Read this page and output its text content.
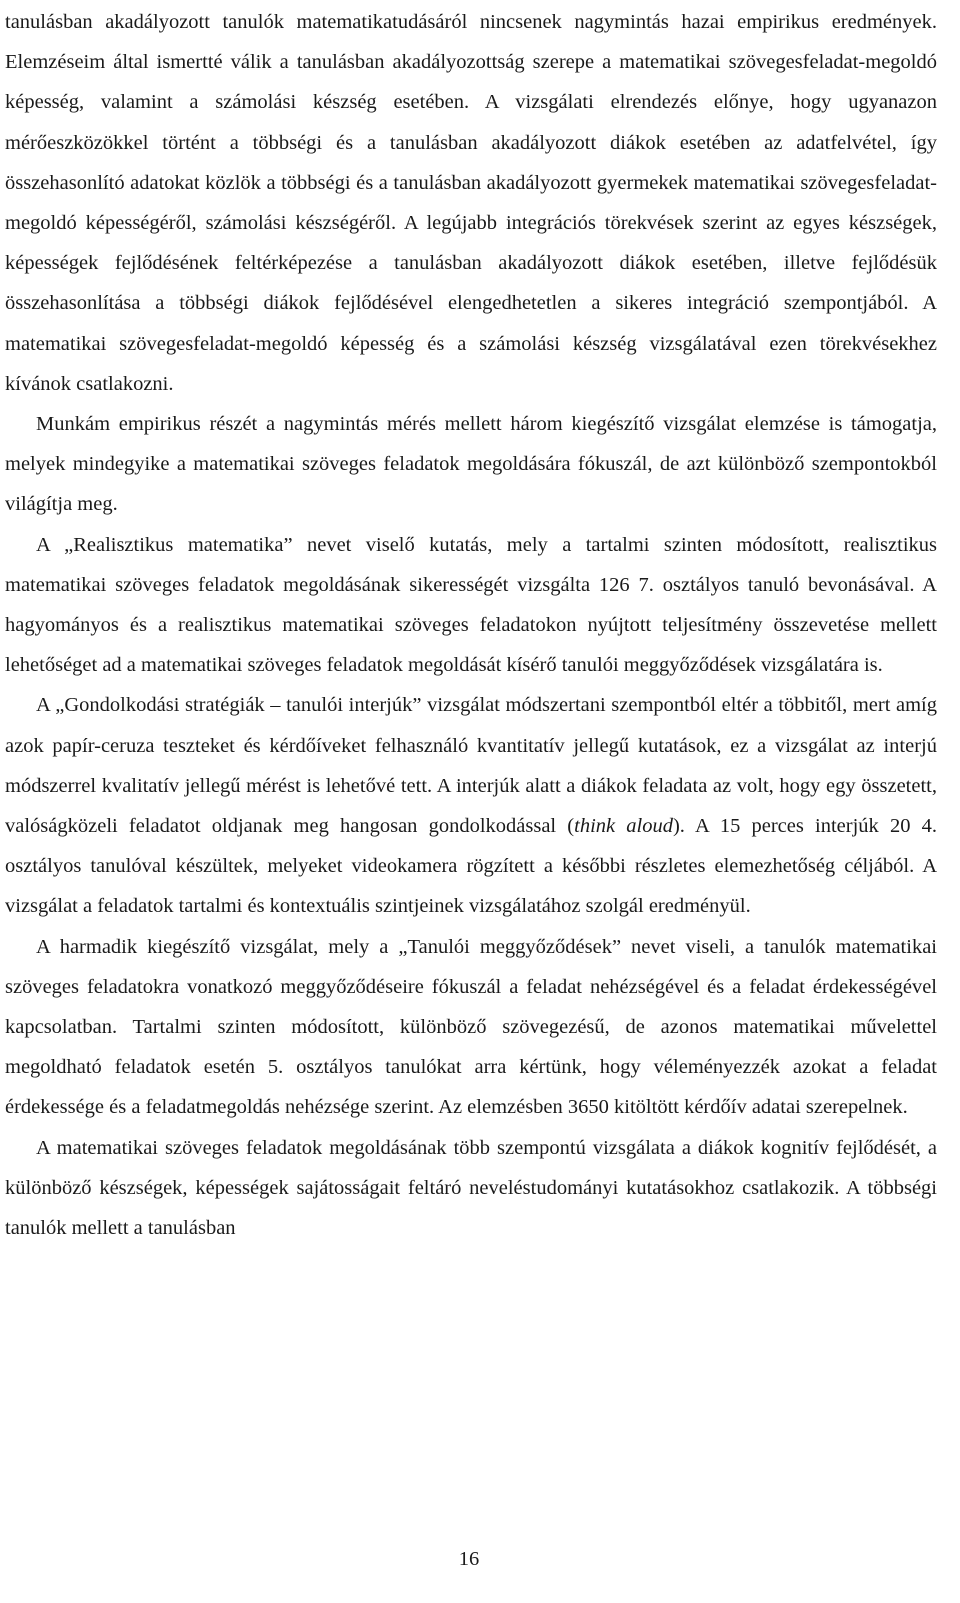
tanulásban akadályozott tanulók matematikatudásáról nincsenek nagymintás hazai empirikus eredmények. Elemzéseim által ismertté válik a tanulásban akadályozottság szerepe a matematikai szövegesfeladat-megoldó képesség, valamint a számolási készség esetében. A vizsgálati elrendezés előnye, hogy ugyanazon mérőeszközökkel történt a többségi és a tanulásban akadályozott diákok esetében az adatfelvétel, így összehasonlító adatokat közlök a többségi és a tanulásban akadályozott gyermekek matematikai szövegesfeladat-megoldó képességéről, számolási készségéről. A legújabb integrációs törekvések szerint az egyes készségek, képességek fejlődésének feltérképezése a tanulásban akadályozott diákok esetében, illetve fejlődésük összehasonlítása a többségi diákok fejlődésével elengedhetetlen a sikeres integráció szempontjából. A matematikai szövegesfeladat-megoldó képesség és a számolási készség vizsgálatával ezen törekvésekhez kívánok csatlakozni.

Munkám empirikus részét a nagymintás mérés mellett három kiegészítő vizsgálat elemzése is támogatja, melyek mindegyike a matematikai szöveges feladatok megoldására fókuszál, de azt különböző szempontokból világítja meg.

A „Realisztikus matematika” nevet viselő kutatás, mely a tartalmi szinten módosított, realisztikus matematikai szöveges feladatok megoldásának sikerességét vizsgálta 126 7. osztályos tanuló bevonásával. A hagyományos és a realisztikus matematikai szöveges feladatokon nyújtott teljesítmény összevetése mellett lehetőséget ad a matematikai szöveges feladatok megoldását kísérő tanulói meggyőződések vizsgálatára is.

A „Gondolkodási stratégiák – tanulói interjúk” vizsgálat módszertani szempontból eltér a többitől, mert amíg azok papír-ceruza teszteket és kérdőíveket felhasználó kvantitatív jellegű kutatások, ez a vizsgálat az interjú módszerrel kvalitatív jellegű mérést is lehetővé tett. A interjúk alatt a diákok feladata az volt, hogy egy összetett, valóságközeli feladatot oldjanak meg hangosan gondolkodással (think aloud). A 15 perces interjúk 20 4. osztályos tanulóval készültek, melyeket videokamera rögzített a későbbi részletes elemezhetőség céljából. A vizsgálat a feladatok tartalmi és kontextuális szintjeinek vizsgálatához szolgál eredményül.

A harmadik kiegészítő vizsgálat, mely a „Tanulói meggyőződések” nevet viseli, a tanulók matematikai szöveges feladatokra vonatkozó meggyőződéseire fókuszál a feladat nehézségével és a feladat érdekességével kapcsolatban. Tartalmi szinten módosított, különböző szövegezésű, de azonos matematikai művelettel megoldható feladatok esetén 5. osztályos tanulókat arra kértünk, hogy véleményezzék azokat a feladat érdekessége és a feladatmegoldás nehézsége szerint. Az elemzésben 3650 kitöltött kérdőív adatai szerepelnek.

A matematikai szöveges feladatok megoldásának több szempontú vizsgálata a diákok kognitív fejlődését, a különböző készségek, képességek sajátosságait feltáró neveléstudományi kutatásokhoz csatlakozik. A többségi tanulók mellett a tanulásban

16
